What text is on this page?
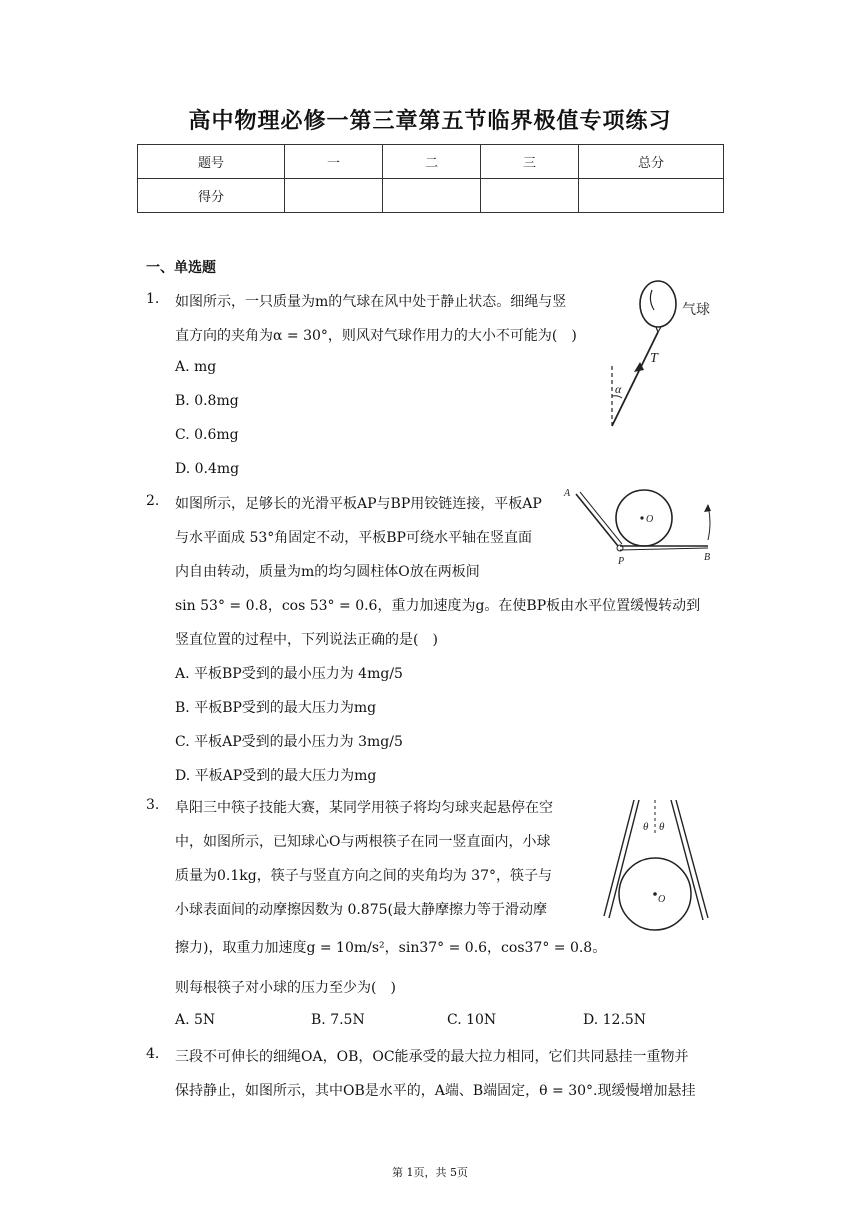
高中物理必修一第三章第五节临界极值专项练习
题号	一	二	三	总分
得分				
一、单选题
1. 如图所示，一只质量为m的气球在风中处于静止状态。细绳与竖
直方向的夹角为α = 30°，则风对气球作用力的大小不可能为(　)
A. mg
B. 0.8mg
C. 0.6mg
D. 0.4mg
气球
T
α
2. 如图所示，足够长的光滑平板AP与BP用铰链连接，平板AP
与水平面成 53°角固定不动，平板BP可绕水平轴在竖直面
内自由转动，质量为m的均匀圆柱体O放在两板间
sin 53° = 0.8，cos 53° = 0.6，重力加速度为g。在使BP板由水平位置缓慢转动到
竖直位置的过程中，下列说法正确的是(　)
A. 平板BP受到的最小压力为 4mg/5
B. 平板BP受到的最大压力为mg
C. 平板AP受到的最小压力为 3mg/5
D. 平板AP受到的最大压力为mg
A
O
P	B
3. 阜阳三中筷子技能大赛，某同学用筷子将均匀球夹起悬停在空
中，如图所示，已知球心O与两根筷子在同一竖直面内，小球
质量为0.1kg，筷子与竖直方向之间的夹角均为 37°，筷子与
小球表面间的动摩擦因数为 0.875(最大静摩擦力等于滑动摩
擦力)，取重力加速度g = 10m/s²，sin37° = 0.6，cos37° = 0.8。
则每根筷子对小球的压力至少为(　)
A. 5N	B. 7.5N	C. 10N	D. 12.5N
θ θ
O
4. 三段不可伸长的细绳OA，OB，OC能承受的最大拉力相同，它们共同悬挂一重物并
保持静止，如图所示，其中OB是水平的，A端、B端固定，θ = 30°.现缓慢增加悬挂
第 1页，共 5页
